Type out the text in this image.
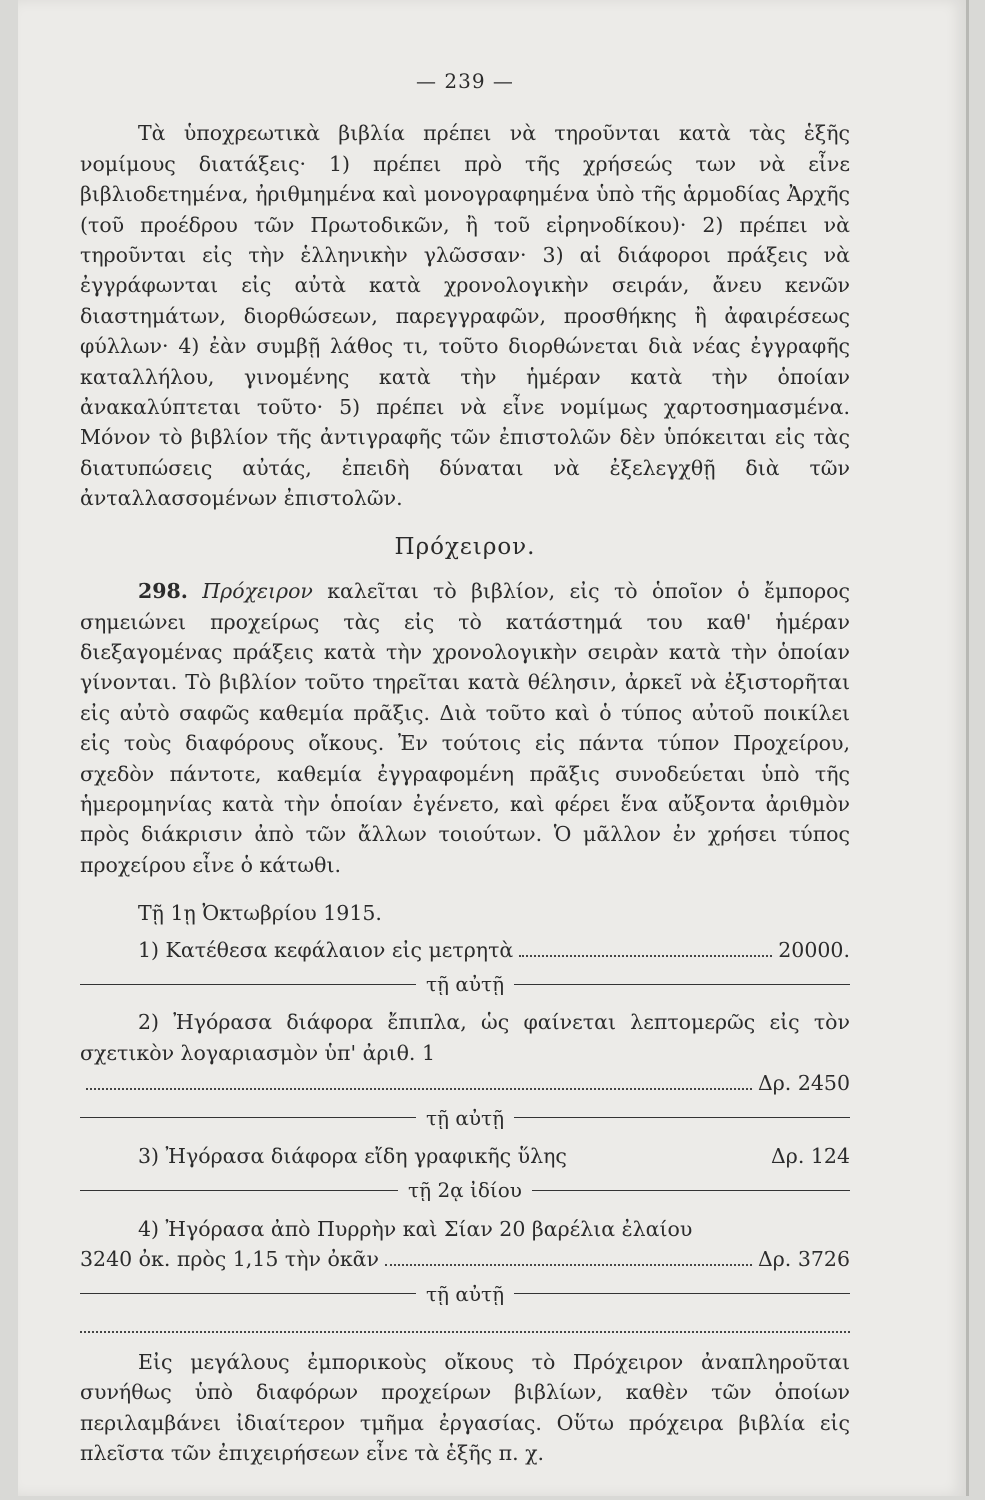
— 239 —

Τὰ ὑποχρεωτικὰ βιβλία πρέπει νὰ τηροῦνται κατὰ τὰς ἑξῆς νομίμους διατάξεις· 1) πρέπει πρὸ τῆς χρήσεώς των νὰ εἶνε βιβλιοδετημένα, ἠριθμημένα καὶ μονογραφημένα ὑπὸ τῆς ἁρμοδίας Ἀρχῆς (τοῦ προέδρου τῶν Πρωτοδικῶν, ἢ τοῦ εἰρηνοδίκου)· 2) πρέπει νὰ τηροῦνται εἰς τὴν ἑλληνικὴν γλῶσσαν· 3) αἱ διάφοροι πράξεις νὰ ἐγγράφωνται εἰς αὐτὰ κατὰ χρονολογικὴν σειράν, ἄνευ κενῶν διαστημάτων, διορθώσεων, παρεγγραφῶν, προσθήκης ἢ ἀφαιρέσεως φύλλων· 4) ἐὰν συμβῇ λάθος τι, τοῦτο διορθώνεται διὰ νέας ἐγγραφῆς καταλλήλου, γινομένης κατὰ τὴν ἡμέραν κατὰ τὴν ὁποίαν ἀνακαλύπτεται τοῦτο· 5) πρέπει νὰ εἶνε νομίμως χαρτοσημασμένα. Μόνον τὸ βιβλίον τῆς ἀντιγραφῆς τῶν ἐπιστολῶν δὲν ὑπόκειται εἰς τὰς διατυπώσεις αὐτάς, ἐπειδὴ δύναται νὰ ἐξελεγχθῇ διὰ τῶν ἀνταλλασσομένων ἐπιστολῶν.

Πρόχειρον.

298. Πρόχειρον καλεῖται τὸ βιβλίον, εἰς τὸ ὁποῖον ὁ ἔμπορος σημειώνει προχείρως τὰς εἰς τὸ κατάστημά του καθ' ἡμέραν διεξαγομένας πράξεις κατὰ τὴν χρονολογικὴν σειρὰν κατὰ τὴν ὁποίαν γίνονται. Τὸ βιβλίον τοῦτο τηρεῖται κατὰ θέλησιν, ἀρκεῖ νὰ ἐξιστορῆται εἰς αὐτὸ σαφῶς καθεμία πρᾶξις. Διὰ τοῦτο καὶ ὁ τύπος αὐτοῦ ποικίλει εἰς τοὺς διαφόρους οἴκους. Ἐν τούτοις εἰς πάντα τύπον Προχείρου, σχεδὸν πάντοτε, καθεμία ἐγγραφομένη πρᾶξις συνοδεύεται ὑπὸ τῆς ἡμερομηνίας κατὰ τὴν ὁποίαν ἐγένετο, καὶ φέρει ἕνα αὔξοντα ἀριθμὸν πρὸς διάκρισιν ἀπὸ τῶν ἄλλων τοιούτων. Ὁ μᾶλλον ἐν χρήσει τύπος προχείρου εἶνε ὁ κάτωθι.

Τῇ 1ῃ Ὀκτωβρίου 1915.
1) Κατέθεσα κεφάλαιον εἰς μετρητὰ	20000.
τῇ αὐτῇ

2) Ἠγόρασα διάφορα ἔπιπλα, ὡς φαίνεται λεπτομερῶς εἰς τὸν σχετικὸν λογαριασμὸν ὑπ' ἀριθ. 1

Δρ. 2450
τῇ αὐτῇ
3) Ἠγόρασα διάφορα εἴδη γραφικῆς ὕλης	Δρ. 124
τῇ 2ᾳ ἰδίου
4) Ἠγόρασα ἀπὸ Πυρρὴν καὶ Σίαν 20 βαρέλια ἐλαίου
3240 ὀκ. πρὸς 1,15 τὴν ὀκᾶν	Δρ. 3726
τῇ αὐτῇ

Εἰς μεγάλους ἐμπορικοὺς οἴκους τὸ Πρόχειρον ἀναπληροῦται συνήθως ὑπὸ διαφόρων προχείρων βιβλίων, καθὲν τῶν ὁποίων περιλαμβάνει ἰδιαίτερον τμῆμα ἐργασίας. Οὕτω πρόχειρα βιβλία εἰς πλεῖστα τῶν ἐπιχειρήσεων εἶνε τὰ ἑξῆς π. χ.
